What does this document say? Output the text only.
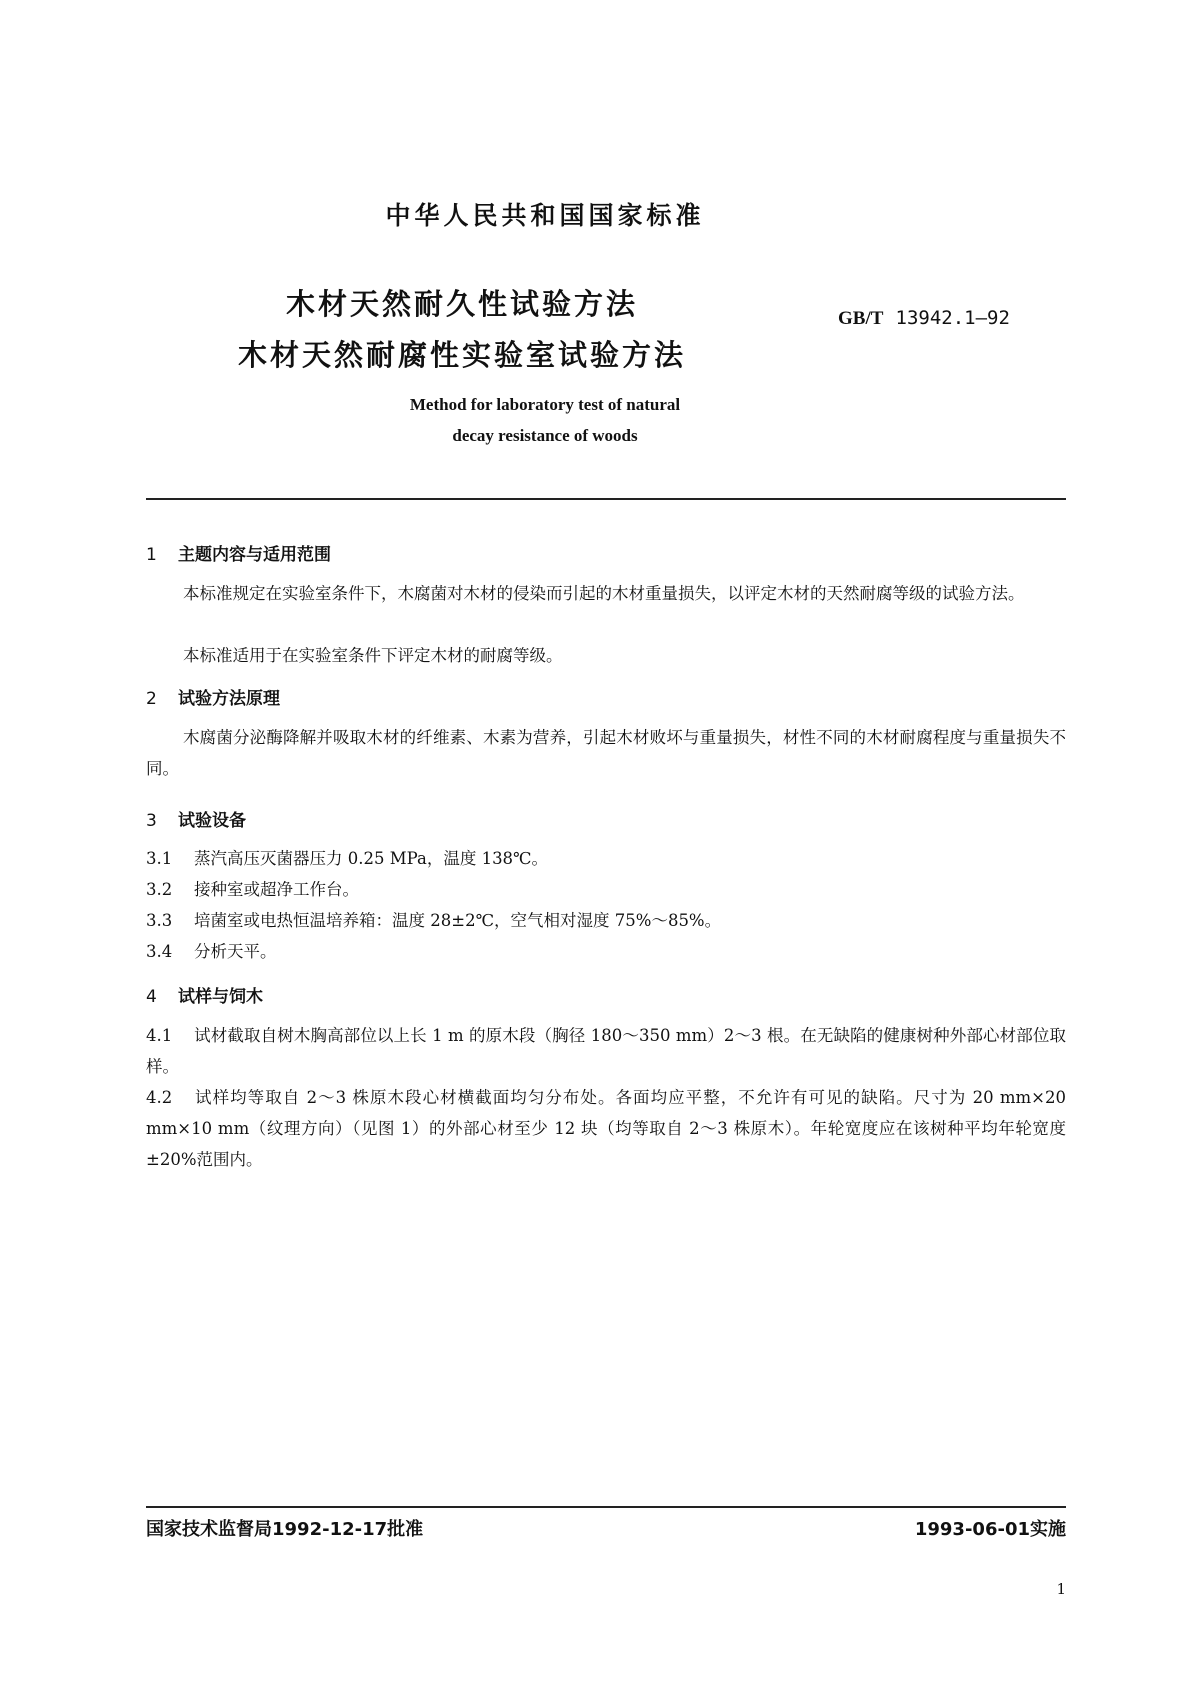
中华人民共和国国家标准
木材天然耐久性试验方法
木材天然耐腐性实验室试验方法
GB/T 13942.1—92
Method for laboratory test of natural
decay resistance of woods
1 主题内容与适用范围
本标准规定在实验室条件下，木腐菌对木材的侵染而引起的木材重量损失，以评定木材的天然耐腐等级的试验方法。
本标准适用于在实验室条件下评定木材的耐腐等级。
2 试验方法原理
木腐菌分泌酶降解并吸取木材的纤维素、木素为营养，引起木材败坏与重量损失，材性不同的木材耐腐程度与重量损失不同。
3 试验设备
3.1 蒸汽高压灭菌器压力 0.25 MPa，温度 138℃。
3.2 接种室或超净工作台。
3.3 培菌室或电热恒温培养箱：温度 28±2℃，空气相对湿度 75%～85%。
3.4 分析天平。
4 试样与饲木
4.1 试材截取自树木胸高部位以上长 1 m 的原木段（胸径 180～350 mm）2～3 根。在无缺陷的健康树种外部心材部位取样。
4.2 试样均等取自 2～3 株原木段心材横截面均匀分布处。各面均应平整，不允许有可见的缺陷。尺寸为 20 mm×20 mm×10 mm（纹理方向）（见图 1）的外部心材至少 12 块（均等取自 2～3 株原木）。年轮宽度应在该树种平均年轮宽度±20%范围内。
国家技术监督局1992-12-17批准	1993-06-01实施
1
